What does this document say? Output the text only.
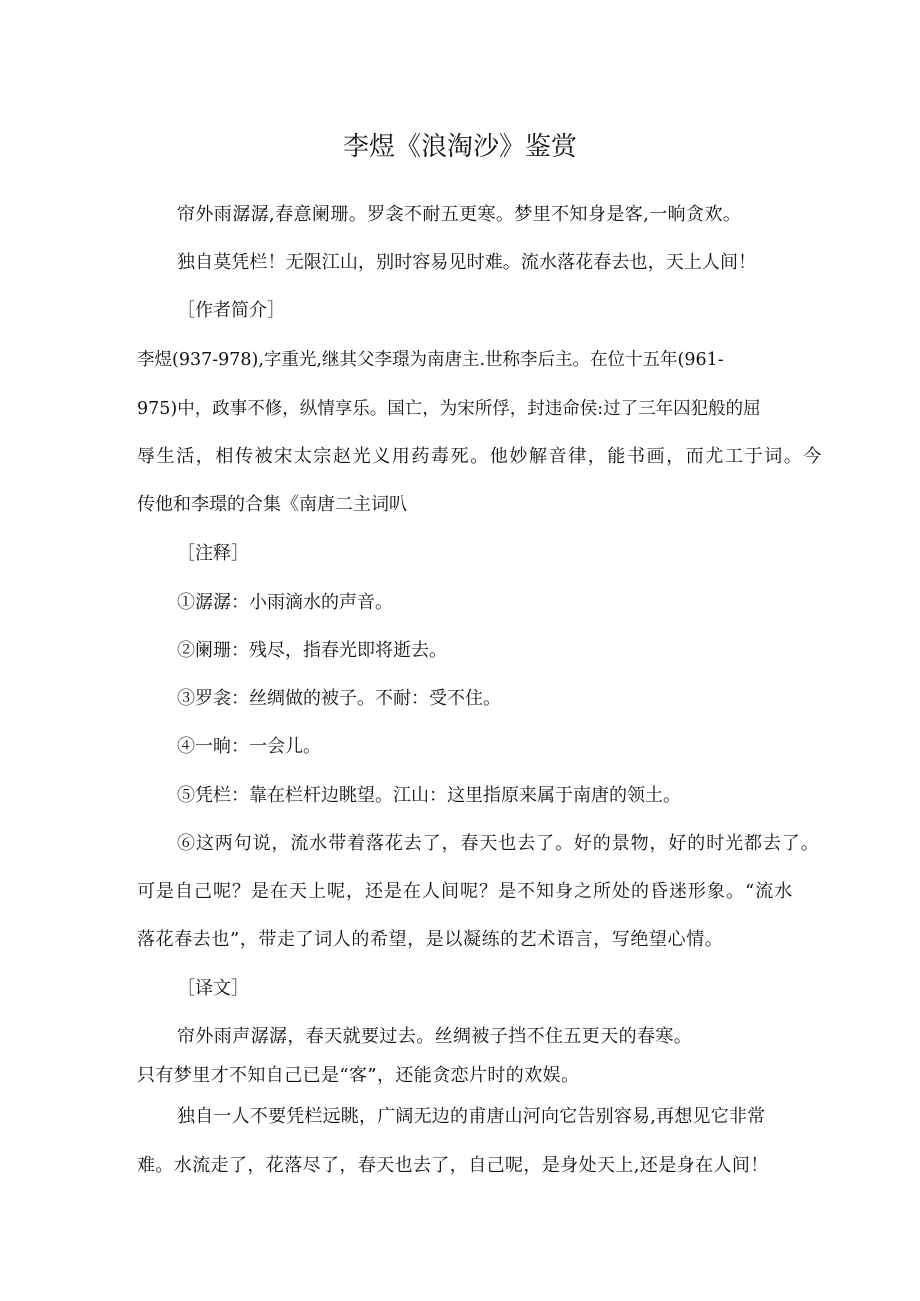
李煜《浪淘沙》鉴赏
帘外雨潺潺,春意阑珊。罗衾不耐五更寒。梦里不知身是客,一晌贪欢。
独自莫凭栏！无限江山，别时容易见时难。流水落花春去也，天上人间！
［作者简介］
李煜(937-978),字重光,继其父李璟为南唐主.世称李后主。在位十五年(961-
975)中，政事不修，纵情享乐。国亡，为宋所俘，封违命侯:过了三年囚犯般的屈
辱生活，相传被宋太宗赵光义用药毒死。他妙解音律，能书画，而尤工于词。今
传他和李璟的合集《南唐二主词叭
［注释］
①潺潺：小雨滴水的声音。
②阑珊：残尽，指春光即将逝去。
③罗衾：丝绸做的被子。不耐：受不住。
④一晌：一会儿。
⑤凭栏：靠在栏杆边眺望。江山：这里指原来属于南唐的领土。
⑥这两句说，流水带着落花去了，春天也去了。好的景物，好的时光都去了。
可是自己呢？是在天上呢，还是在人间呢？是不知身之所处的昏迷形象。“流水
落花春去也”，带走了词人的希望，是以凝练的艺术语言，写绝望心情。
［译文］
帘外雨声潺潺，春天就要过去。丝绸被子挡不住五更天的春寒。
只有梦里才不知自己已是“客”，还能贪恋片时的欢娱。
独自一人不要凭栏远眺，广阔无边的甫唐山河向它告别容易,再想见它非常
难。水流走了，花落尽了，春天也去了，自己呢，是身处天上,还是身在人间！
